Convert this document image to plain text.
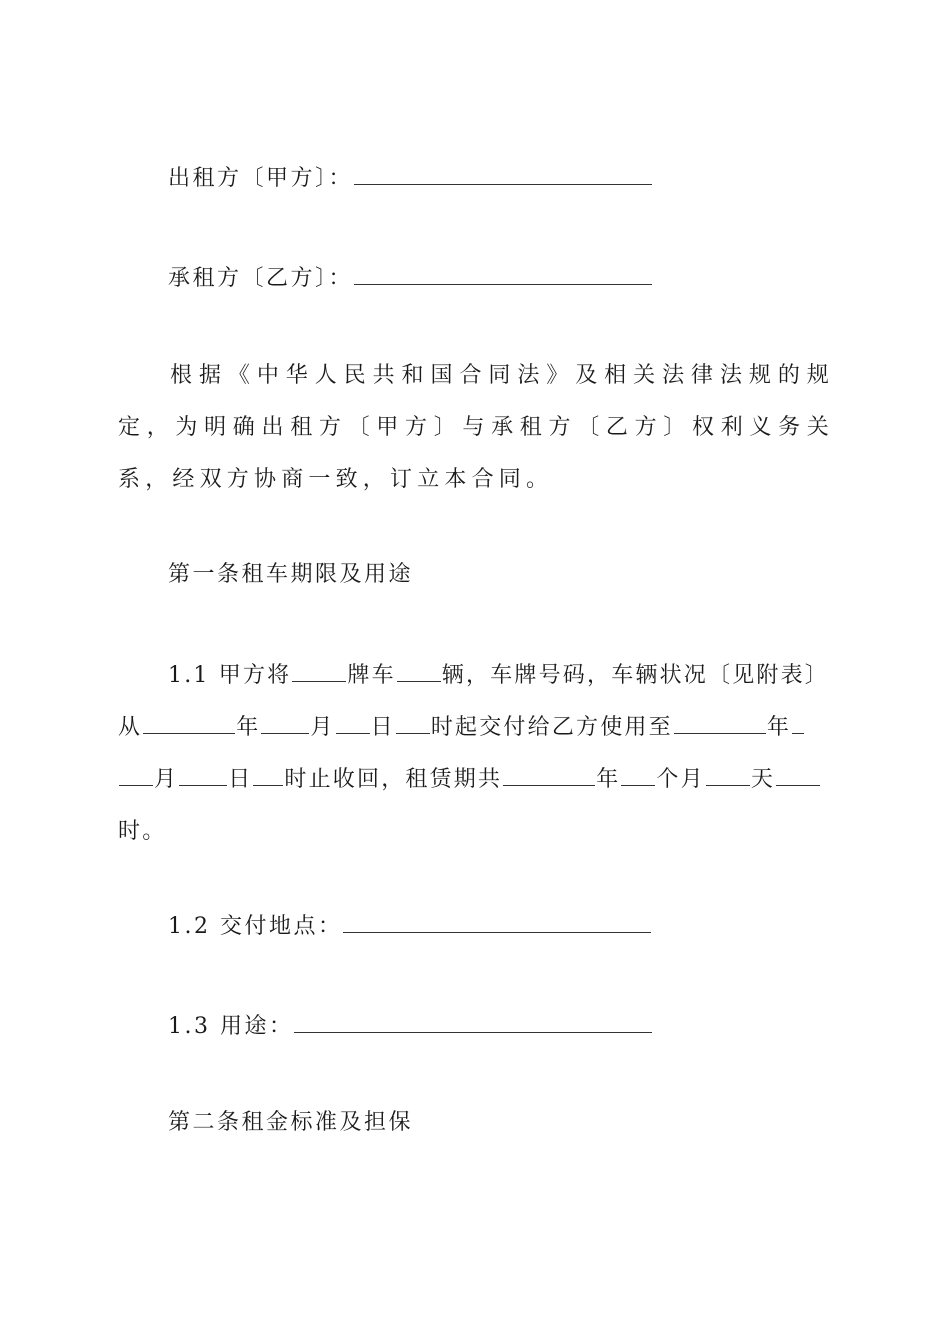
出租方〔甲方〕：
承租方〔乙方〕：
根据《中华人民共和国合同法》及相关法律法规的规定，为明确出租方〔甲方〕与承租方〔乙方〕权利义务关系，经双方协商一致，订立本合同。
第一条租车期限及用途
1.1 甲方将	牌车 辆，车牌号码，车辆状况〔见附表〕
从	年 月 日 时起交付给乙方使用至	年
月 日 时止收回，租赁期共	年 个月 天
时。
1.2 交付地点：
1.3 用途：
第二条租金标准及担保
